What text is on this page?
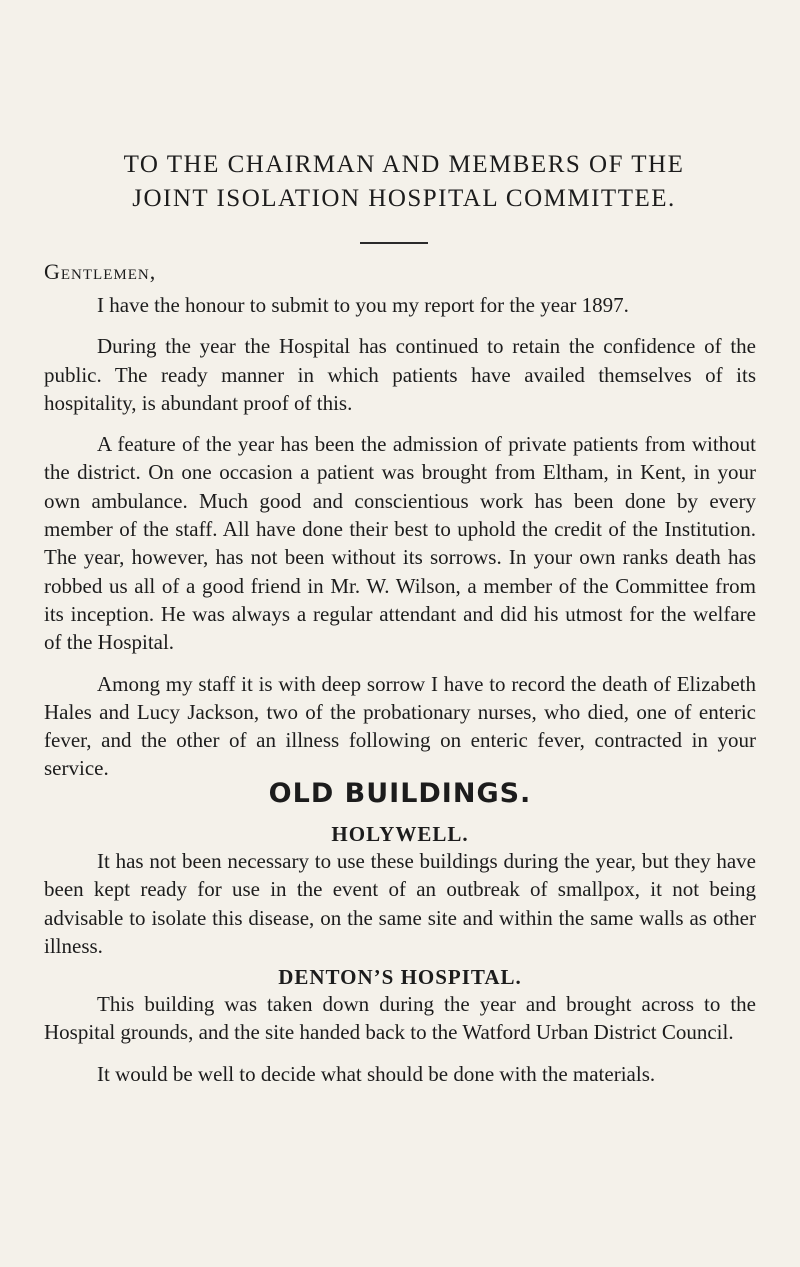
TO THE CHAIRMAN AND MEMBERS OF THE
JOINT ISOLATION HOSPITAL COMMITTEE.
Gentlemen,

I have the honour to submit to you my report for the year 1897.

During the year the Hospital has continued to retain the confidence of the public. The ready manner in which patients have availed themselves of its hospitality, is abundant proof of this.

A feature of the year has been the admission of private patients from without the district. On one occasion a patient was brought from Eltham, in Kent, in your own ambulance. Much good and conscientious work has been done by every member of the staff. All have done their best to uphold the credit of the Institution. The year, however, has not been without its sorrows. In your own ranks death has robbed us all of a good friend in Mr. W. Wilson, a member of the Committee from its inception. He was always a regular attendant and did his utmost for the welfare of the Hospital.

Among my staff it is with deep sorrow I have to record the death of Elizabeth Hales and Lucy Jackson, two of the probationary nurses, who died, one of enteric fever, and the other of an illness following on enteric fever, contracted in your service.

OLD BUILDINGS.
HOLYWELL.

It has not been necessary to use these buildings during the year, but they have been kept ready for use in the event of an outbreak of smallpox, it not being advisable to isolate this disease, on the same site and within the same walls as other illness.

DENTON’S HOSPITAL.

This building was taken down during the year and brought across to the Hospital grounds, and the site handed back to the Watford Urban District Council.

It would be well to decide what should be done with the materials.
